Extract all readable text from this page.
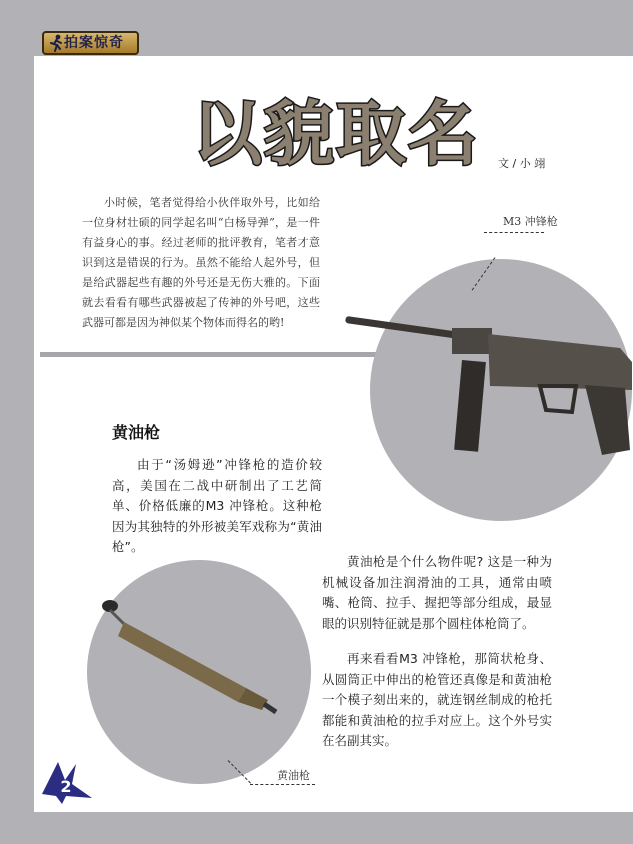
拍案惊奇
以貌取名 文 / 小 翊

小时候，笔者觉得给小伙伴取外号，比如给一位身材壮硕的同学起名叫“白杨导弹”，是一件有益身心的事。经过老师的批评教育，笔者才意识到这是错误的行为。虽然不能给人起外号，但是给武器起些有趣的外号还是无伤大雅的。下面就去看看有哪些武器被起了传神的外号吧，这些武器可都是因为神似某个物体而得名的哟!

M3 冲锋枪
黄油枪

由于“汤姆逊”冲锋枪的造价较高，美国在二战中研制出了工艺简单、价格低廉的M3 冲锋枪。这种枪因为其独特的外形被美军戏称为“黄油枪”。

黄油枪

黄油枪是个什么物件呢? 这是一种为机械设备加注润滑油的工具，通常由喷嘴、枪筒、拉手、握把等部分组成，最显眼的识别特征就是那个圆柱体枪筒了。

再来看看M3 冲锋枪，那简状枪身、从圆筒正中伸出的枪管还真像是和黄油枪一个模子刻出来的，就连钢丝制成的枪托都能和黄油枪的拉手对应上。这个外号实在名副其实。

2
